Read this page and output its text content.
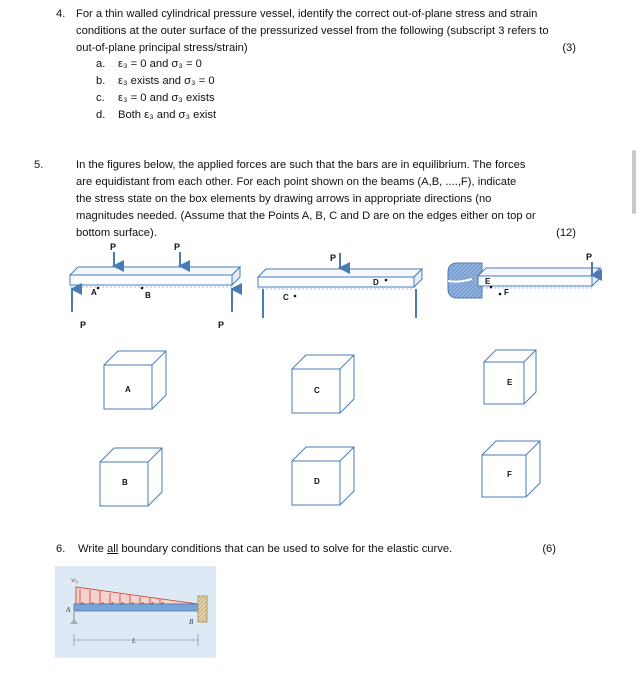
4. For a thin walled cylindrical pressure vessel, identify the correct out-of-plane stress and strain
conditions at the outer surface of the pressurized vessel from the following (subscript 3 refers to
out-of-plane principal stress/strain)	(3)
a. ε₃ = 0 and σ₃ = 0
b. ε₃ exists and σ₃ = 0
c. ε₃ = 0 and σ₃ exists
d. Both ε₃ and σ₃ exist
5.	In the figures below, the applied forces are such that the bars are in equilibrium. The forces
are equidistant from each other. For each point shown on the beams (A,B, ....,F), indicate
the stress state on the box elements by drawing arrows in appropriate directions (no
magnitudes needed. (Assume that the Points A, B, C and D are on the edges either on top or
bottom surface).	(12)
P	P
P	P
A	B
P
C
D
P
E
F
A	C
E
B	D
F
6. Write all boundary conditions that can be used to solve for the elastic curve.	(6)
w₀
A
B
L
